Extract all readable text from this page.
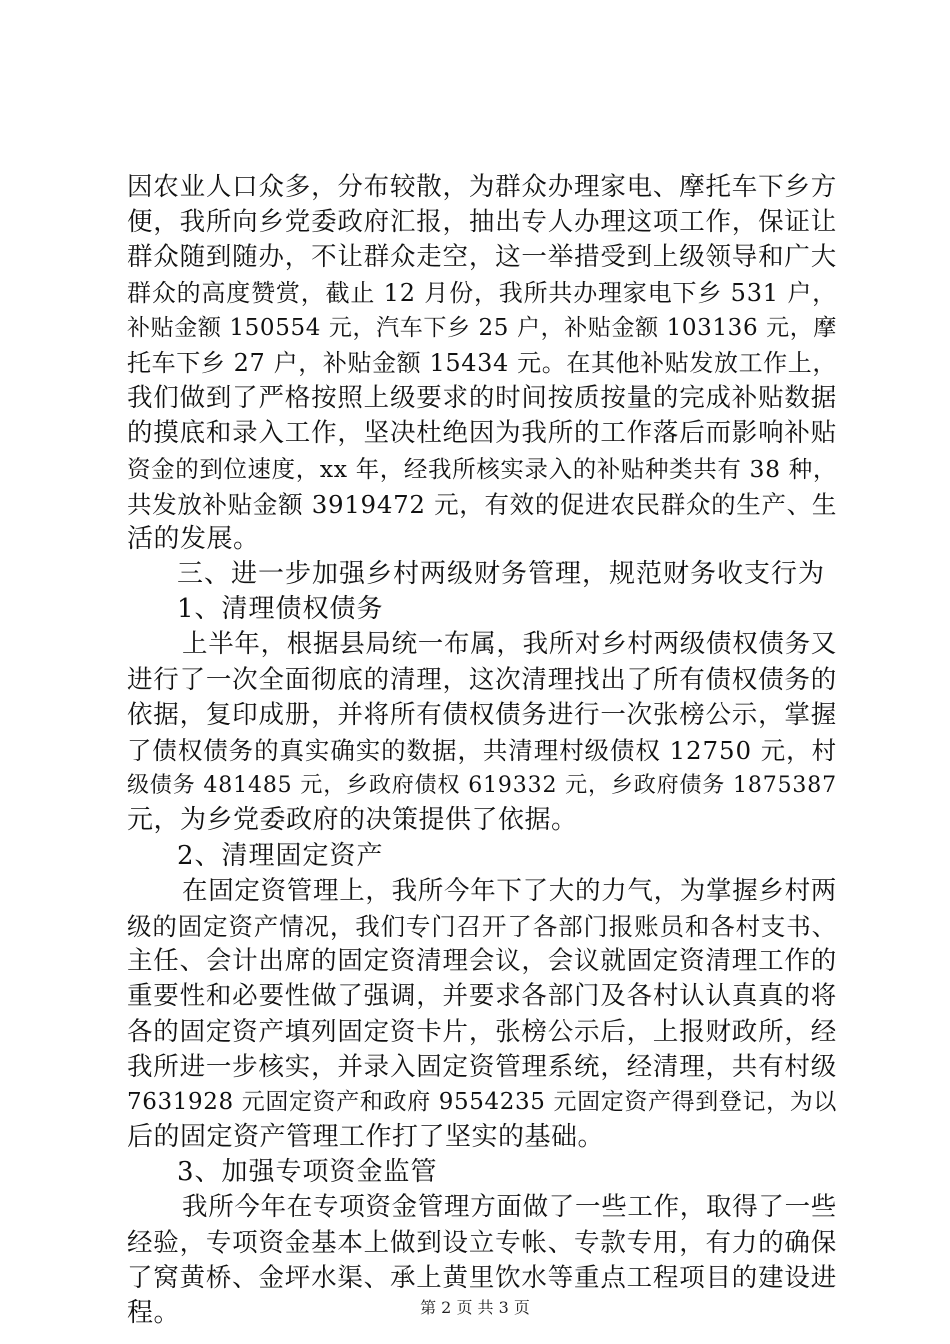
因农业人口众多，分布较散，为群众办理家电、摩托车下乡方
便，我所向乡党委政府汇报，抽出专人办理这项工作，保证让
群众随到随办，不让群众走空，这一举措受到上级领导和广大
群众的高度赞赏，截止 12 月份，我所共办理家电下乡 531 户，
补贴金额 150554 元，汽车下乡 25 户，补贴金额 103136 元，摩
托车下乡 27 户，补贴金额 15434 元。在其他补贴发放工作上，
我们做到了严格按照上级要求的时间按质按量的完成补贴数据
的摸底和录入工作，坚决杜绝因为我所的工作落后而影响补贴
资金的到位速度，xx 年，经我所核实录入的补贴种类共有 38 种，
共发放补贴金额 3919472 元，有效的促进农民群众的生产、生
活的发展。
三、进一步加强乡村两级财务管理，规范财务收支行为
1、清理债权债务
上半年，根据县局统一布属，我所对乡村两级债权债务又
进行了一次全面彻底的清理，这次清理找出了所有债权债务的
依据，复印成册，并将所有债权债务进行一次张榜公示，掌握
了债权债务的真实确实的数据，共清理村级债权 12750 元，村
级债务 481485 元，乡政府债权 619332 元，乡政府债务 1875387
元，为乡党委政府的决策提供了依据。
2、清理固定资产
在固定资管理上，我所今年下了大的力气，为掌握乡村两
级的固定资产情况，我们专门召开了各部门报账员和各村支书、
主任、会计出席的固定资清理会议，会议就固定资清理工作的
重要性和必要性做了强调，并要求各部门及各村认认真真的将
各的固定资产填列固定资卡片，张榜公示后，上报财政所，经
我所进一步核实，并录入固定资管理系统，经清理，共有村级
7631928 元固定资产和政府 9554235 元固定资产得到登记，为以
后的固定资产管理工作打了坚实的基础。
3、加强专项资金监管
我所今年在专项资金管理方面做了一些工作，取得了一些
经验，专项资金基本上做到设立专帐、专款专用，有力的确保
了窝黄桥、金坪水渠、承上黄里饮水等重点工程项目的建设进
程。	第 2 页 共 3 页
